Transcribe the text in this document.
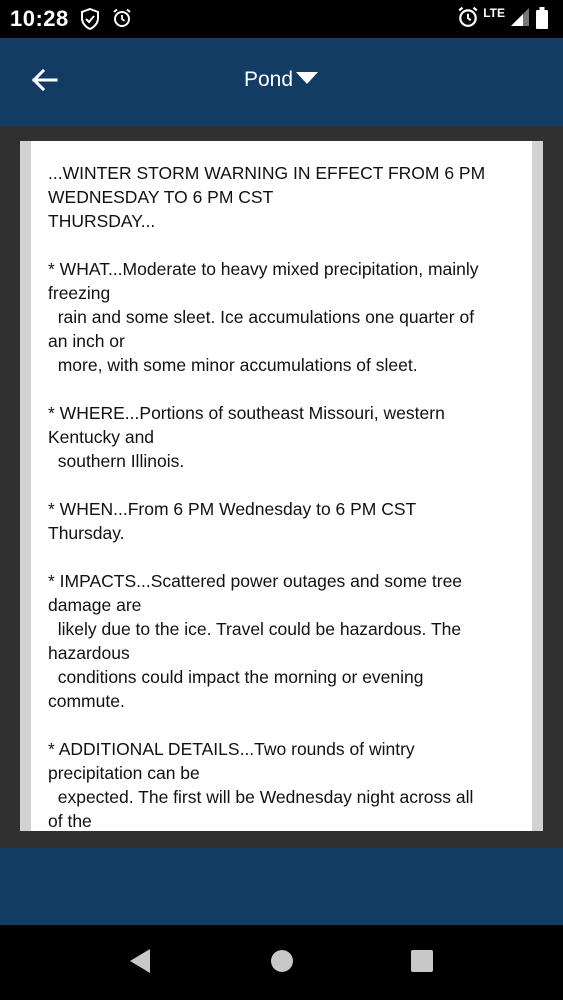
10:28	LTE
Pond
...WINTER STORM WARNING IN EFFECT FROM 6 PM
WEDNESDAY TO 6 PM CST
THURSDAY...

* WHAT...Moderate to heavy mixed precipitation, mainly
freezing
rain and some sleet. Ice accumulations one quarter of
an inch or
more, with some minor accumulations of sleet.

* WHERE...Portions of southeast Missouri, western
Kentucky and
southern Illinois.

* WHEN...From 6 PM Wednesday to 6 PM CST
Thursday.

* IMPACTS...Scattered power outages and some tree
damage are
likely due to the ice. Travel could be hazardous. The
hazardous
conditions could impact the morning or evening
commute.

* ADDITIONAL DETAILS...Two rounds of wintry
precipitation can be
expected. The first will be Wednesday night across all
of the
